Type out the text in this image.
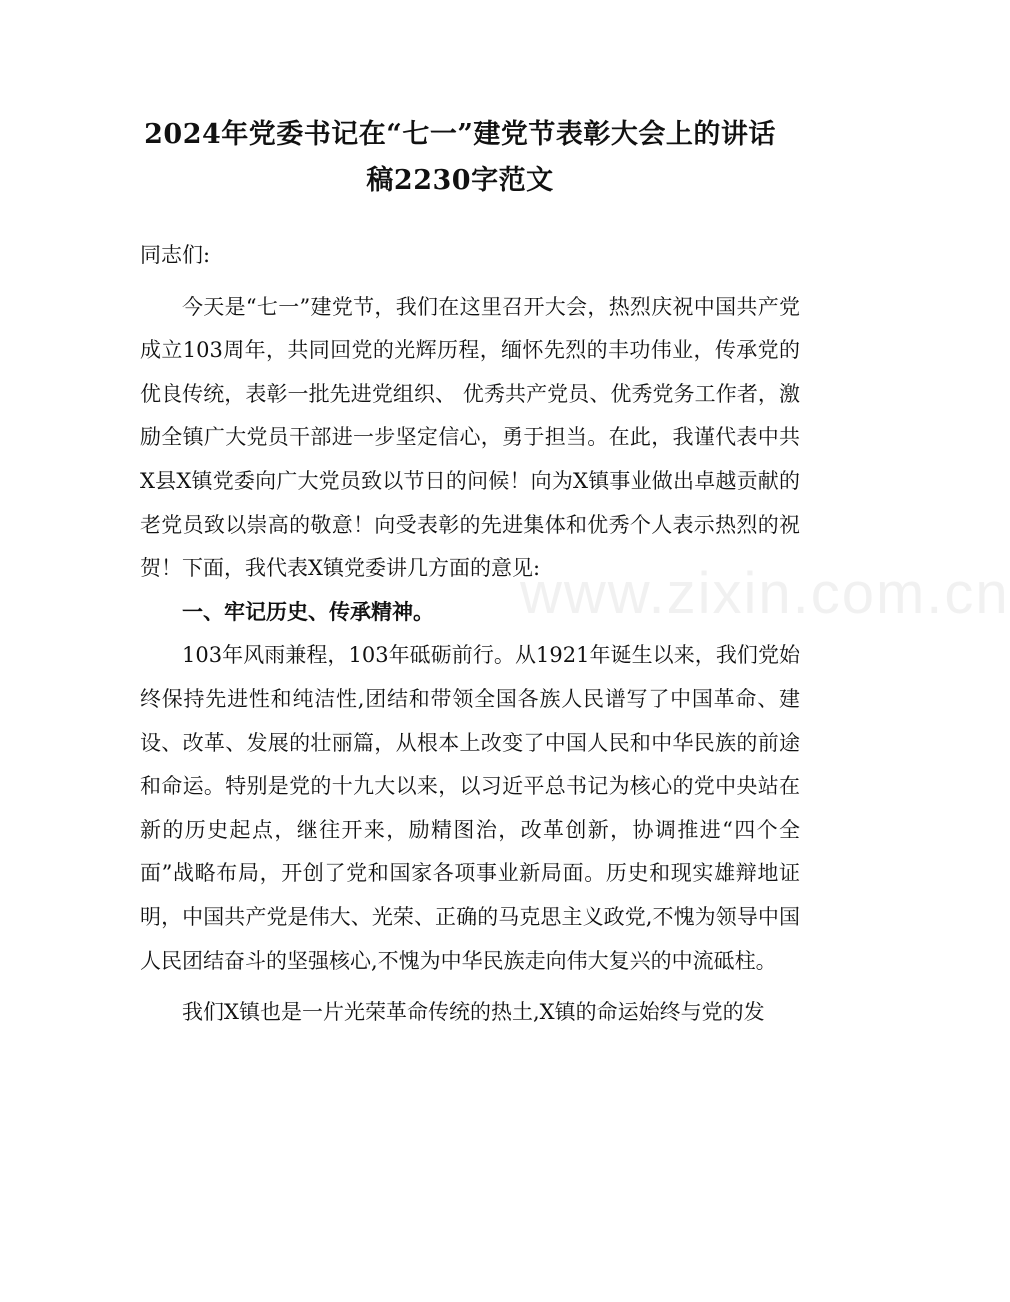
2024年党委书记在“七一”建党节表彰大会上的讲话
稿2230字范文

同志们:

今天是“七一”建党节，我们在这里召开大会，热烈庆祝中国共产党成立103周年，共同回党的光辉历程，缅怀先烈的丰功伟业，传承党的优良传统，表彰一批先进党组织、 优秀共产党员、优秀党务工作者，激励全镇广大党员干部进一步坚定信心，勇于担当。在此，我谨代表中共X县X镇党委向广大党员致以节日的问候！向为X镇事业做出卓越贡献的老党员致以崇高的敬意！向受表彰的先进集体和优秀个人表示热烈的祝贺！下面，我代表X镇党委讲几方面的意见:

一、牢记历史、传承精神。

103年风雨兼程，103年砥砺前行。从1921年诞生以来，我们党始终保持先进性和纯洁性,团结和带领全国各族人民谱写了中国革命、建设、改革、发展的壮丽篇，从根本上改变了中国人民和中华民族的前途和命运。特别是党的十九大以来，以习近平总书记为核心的党中央站在新的历史起点，继往开来，励精图治，改革创新，协调推进“四个全面”战略布局，开创了党和国家各项事业新局面。历史和现实雄辩地证明，中国共产党是伟大、光荣、正确的马克思主义政党,不愧为领导中国人民团结奋斗的坚强核心,不愧为中华民族走向伟大复兴的中流砥柱。

我们X镇也是一片光荣革命传统的热土,X镇的命运始终与党的发

www.zixin.com.cn
